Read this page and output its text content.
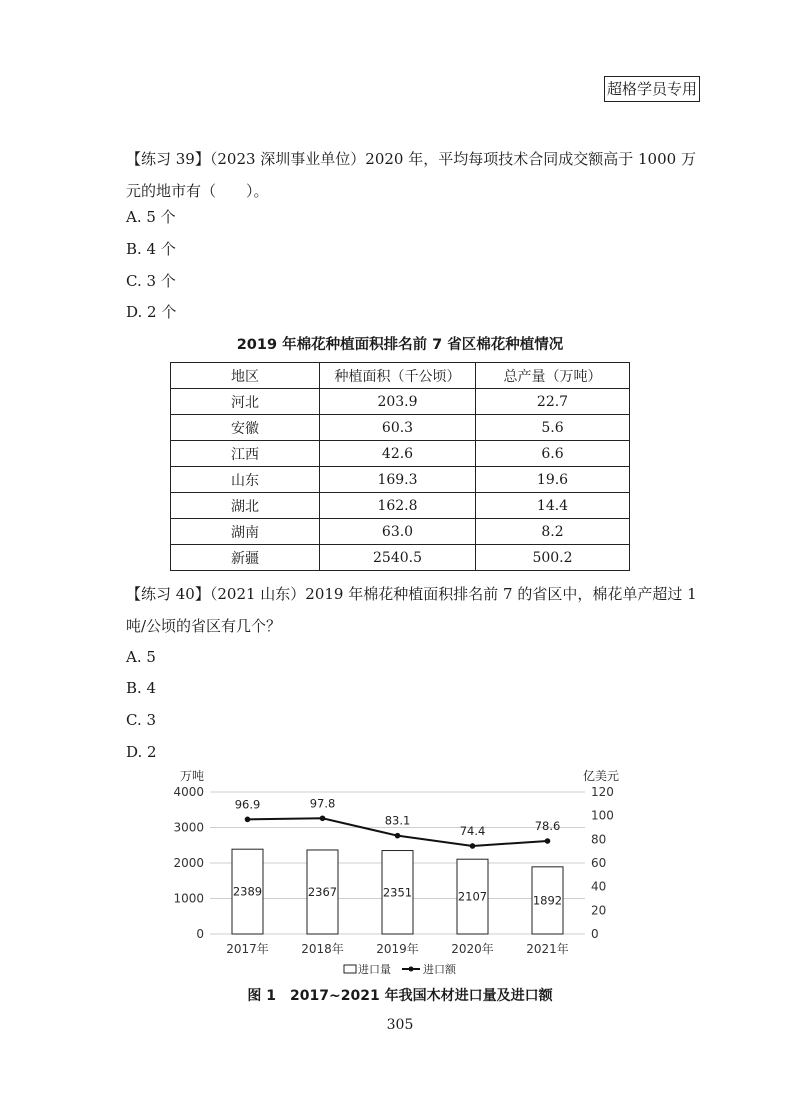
超格学员专用

【练习 39】（2023 深圳事业单位）2020 年，平均每项技术合同成交额高于 1000 万元的地市有（　　）。

A. 5 个
B. 4 个
C. 3 个
D. 2 个
2019 年棉花种植面积排名前 7 省区棉花种植情况
地区	种植面积（千公顷）	总产量（万吨）
河北	203.9	22.7
安徽	60.3	5.6
江西	42.6	6.6
山东	169.3	19.6
湖北	162.8	14.4
湖南	63.0	8.2
新疆	2540.5	500.2

【练习 40】（2021 山东）2019 年棉花种植面积排名前 7 的省区中，棉花单产超过 1 吨/公顷的省区有几个？

A. 5
B. 4
C. 3
D. 2
0
1000
2000
3000
4000
0
20
40
60
80
100
120
2389
2017年
2367
2018年
2351
2019年
2107
2020年
1892
2021年
96.9	97.8
83.1
74.4	78.6
万吨	亿美元
进口量	进口额
图 1　2017~2021 年我国木材进口量及进口额
305
